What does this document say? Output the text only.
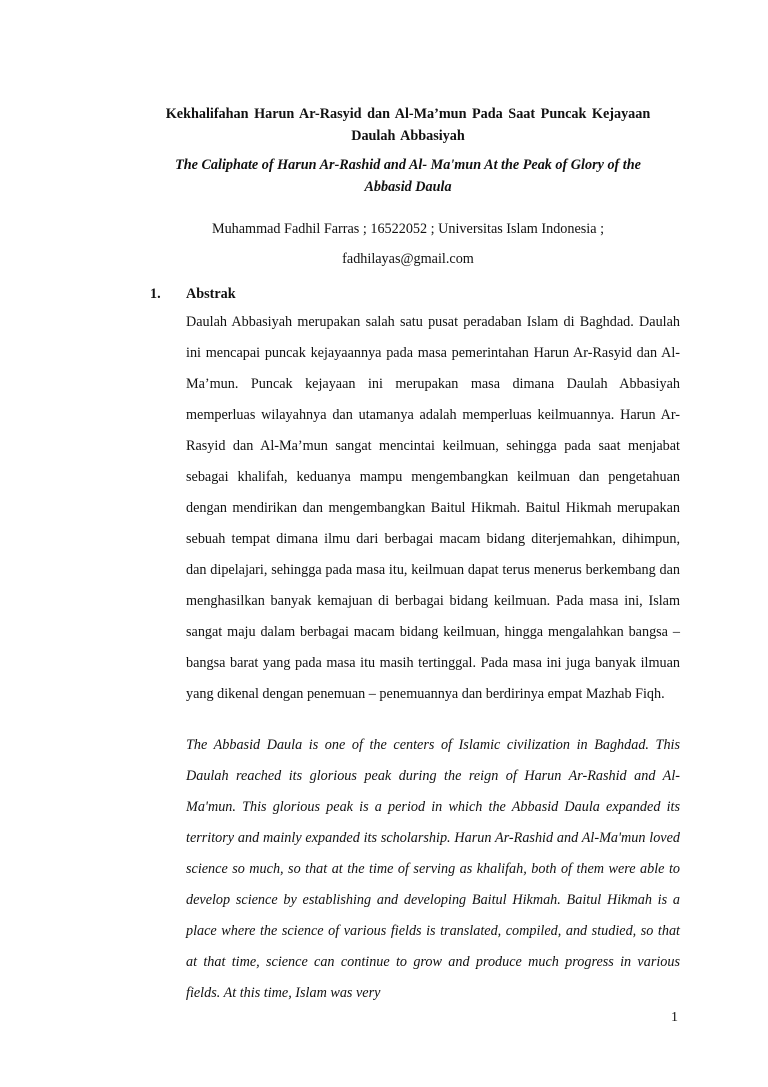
Kekhalifahan Harun Ar-Rasyid dan Al-Ma’mun Pada Saat Puncak Kejayaan Daulah Abbasiyah
The Caliphate of Harun Ar-Rashid and Al- Ma'mun At the Peak of Glory of the Abbasid Daula
Muhammad Fadhil Farras ; 16522052 ; Universitas Islam Indonesia ;
fadhilayas@gmail.com
1. Abstrak
Daulah Abbasiyah merupakan salah satu pusat peradaban Islam di Baghdad. Daulah ini mencapai puncak kejayaannya pada masa pemerintahan Harun Ar-Rasyid dan Al-Ma’mun. Puncak kejayaan ini merupakan masa dimana Daulah Abbasiyah memperluas wilayahnya dan utamanya adalah memperluas keilmuannya. Harun Ar-Rasyid dan Al-Ma’mun sangat mencintai keilmuan, sehingga pada saat menjabat sebagai khalifah, keduanya mampu mengembangkan keilmuan dan pengetahuan dengan mendirikan dan mengembangkan Baitul Hikmah. Baitul Hikmah merupakan sebuah tempat dimana ilmu dari berbagai macam bidang diterjemahkan, dihimpun, dan dipelajari, sehingga pada masa itu, keilmuan dapat terus menerus berkembang dan menghasilkan banyak kemajuan di berbagai bidang keilmuan. Pada masa ini, Islam sangat maju dalam berbagai macam bidang keilmuan, hingga mengalahkan bangsa – bangsa barat yang pada masa itu masih tertinggal. Pada masa ini juga banyak ilmuan yang dikenal dengan penemuan – penemuannya dan berdirinya empat Mazhab Fiqh.
The Abbasid Daula is one of the centers of Islamic civilization in Baghdad. This Daulah reached its glorious peak during the reign of Harun Ar-Rashid and Al-Ma'mun. This glorious peak is a period in which the Abbasid Daula expanded its territory and mainly expanded its scholarship. Harun Ar-Rashid and Al-Ma'mun loved science so much, so that at the time of serving as khalifah, both of them were able to develop science by establishing and developing Baitul Hikmah. Baitul Hikmah is a place where the science of various fields is translated, compiled, and studied, so that at that time, science can continue to grow and produce much progress in various fields. At this time, Islam was very
1
